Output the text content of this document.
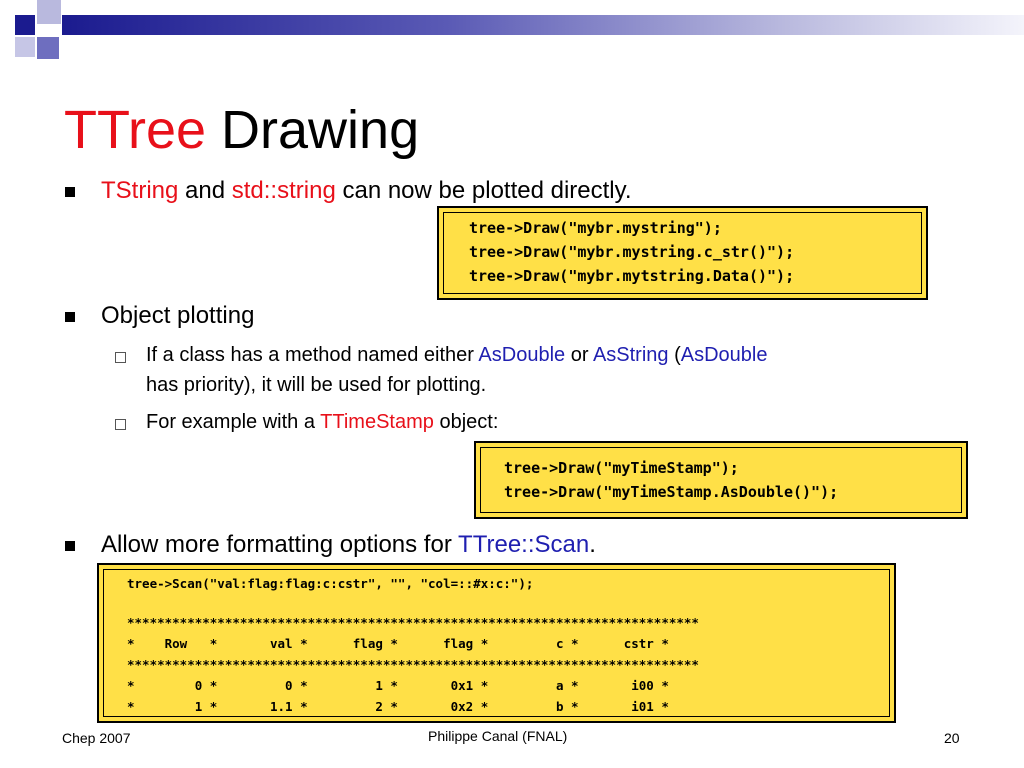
TTree Drawing
TString and std::string can now be plotted directly.
tree->Draw("mybr.mystring");
tree->Draw("mybr.mystring.c_str()");
tree->Draw("mybr.mytstring.Data()");
Object plotting
If a class has a method named either AsDouble or AsString (AsDouble
has priority), it will be used for plotting.
For example with a TTimeStamp object:
tree->Draw("myTimeStamp");
tree->Draw("myTimeStamp.AsDouble()");
Allow more formatting options for TTree::Scan.
tree->Scan("val:flag:flag:c:cstr", "", "col=::#x:c:");
****************************************************************************
*    Row   *       val *      flag *      flag *         c *      cstr *
****************************************************************************
*        0 *         0 *         1 *       0x1 *         a *       i00 *
*        1 *       1.1 *         2 *       0x2 *         b *       i01 *
Chep 2007	Philippe Canal (FNAL)	20
